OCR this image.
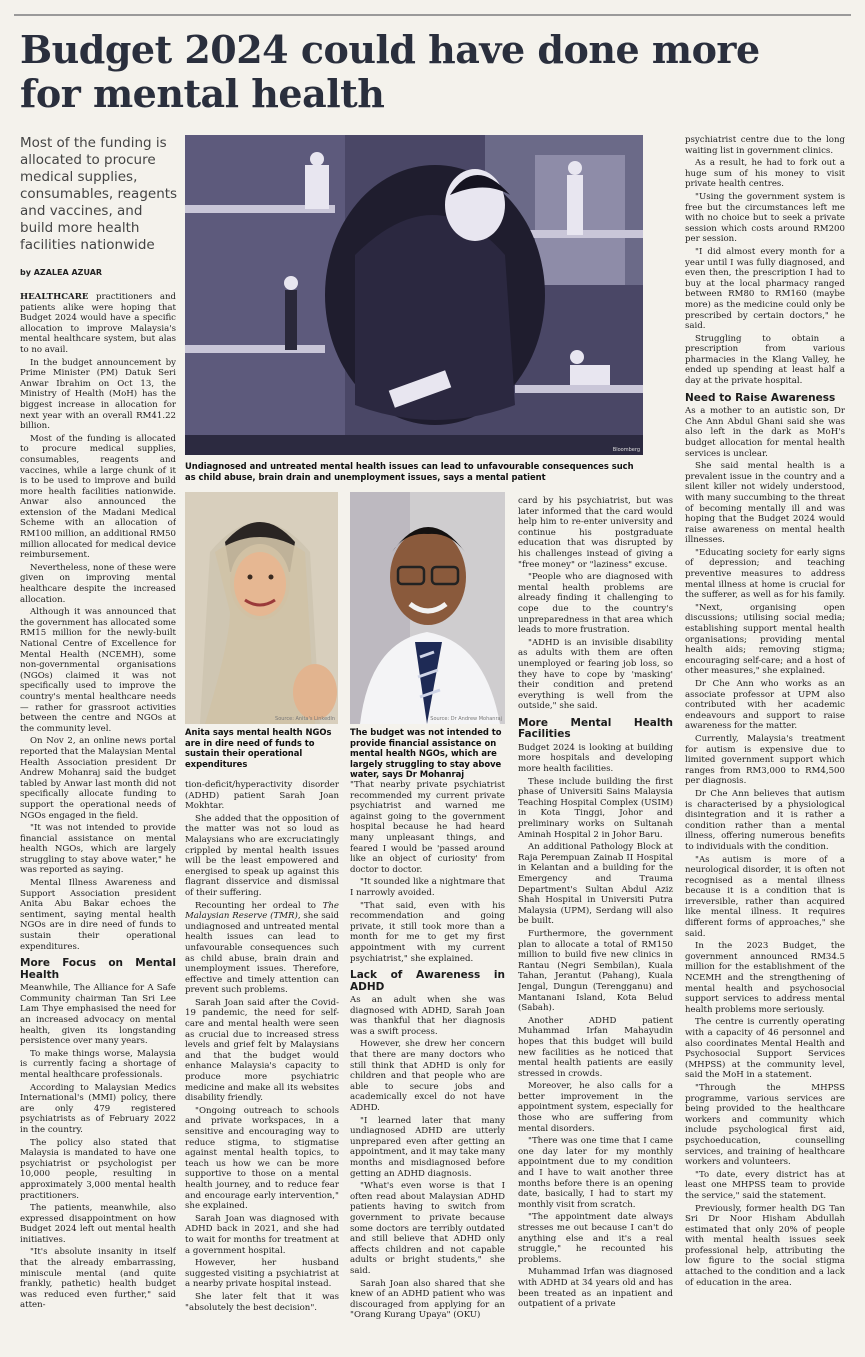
Budget 2024 could have done more
for mental health
Most of the funding is allocated to procure medical supplies, consumables, reagents and vaccines, and build more health facilities nationwide
by AZALEA AZUAR
Bloomberg
Undiagnosed and untreated mental health issues can lead to unfavourable consequences such as child abuse, brain drain and unemployment issues, says a mental patient
Source: Anita's LinkedIn
Anita says mental health NGOs are in dire need of funds to sustain their operational expenditures
Source: Dr Andrew Mohanraj
The budget was not intended to provide financial assistance on mental health NGOs, which are largely struggling to stay above water, says Dr Mohanraj

HEALTHCARE practitioners and patients alike were hoping that Budget 2024 would have a specific allocation to improve Malaysia's mental healthcare system, but alas to no avail.

In the budget announcement by Prime Minister (PM) Datuk Seri Anwar Ibrahim on Oct 13, the Ministry of Health (MoH) has the biggest increase in allocation for next year with an overall RM41.22 billion.

Most of the funding is allocated to procure medical supplies, consumables, reagents and vaccines, while a large chunk of it is to be used to improve and build more health facilities nationwide. Anwar also announced the extension of the Madani Medical Scheme with an allocation of RM100 million, an additional RM50 million allocated for medical device reimbursement.

Nevertheless, none of these were given on improving mental healthcare despite the increased allocation.

Although it was announced that the government has allocated some RM15 million for the newly-built National Centre of Excellence for Mental Health (NCEMH), some non-governmental organisations (NGOs) claimed it was not specifically used to improve the country's mental healthcare needs — rather for grassroot activities between the centre and NGOs at the community level.

On Nov 2, an online news portal reported that the Malaysian Mental Health Association president Dr Andrew Mohanraj said the budget tabled by Anwar last month did not specifically allocate funding to support the operational needs of NGOs engaged in the field.

"It was not intended to provide financial assistance on mental health NGOs, which are largely struggling to stay above water," he was reported as saying.

Mental Illness Awareness and Support Association president Anita Abu Bakar echoes the sentiment, saying mental health NGOs are in dire need of funds to sustain their operational expenditures.

More Focus on Mental Health

Meanwhile, The Alliance for A Safe Community chairman Tan Sri Lee Lam Thye emphasised the need for an increased advocacy on mental health, given its longstanding persistence over many years.

To make things worse, Malaysia is currently facing a shortage of mental healthcare professionals.

According to Malaysian Medics International's (MMI) policy, there are only 479 registered psychiatrists as of February 2022 in the country.

The policy also stated that Malaysia is mandated to have one psychiatrist or psychologist per 10,000 people, resulting in approximately 3,000 mental health practitioners.

The patients, meanwhile, also expressed disappointment on how Budget 2024 left out mental health initiatives.

"It's absolute insanity in itself that the already embarrassing, miniscule mental (and quite frankly, pathetic) health budget was reduced even further," said atten-

tion-deficit/hyperactivity disorder (ADHD) patient Sarah Joan Mokhtar.

She added that the opposition of the matter was not so loud as Malaysians who are excruciatingly crippled by mental health issues will be the least empowered and energised to speak up against this flagrant disservice and dismissal of their suffering.

Recounting her ordeal to The Malaysian Reserve (TMR), she said undiagnosed and untreated mental health issues can lead to unfavourable consequences such as child abuse, brain drain and unemployment issues. Therefore, effective and timely attention can prevent such problems.

Sarah Joan said after the Covid-19 pandemic, the need for self-care and mental health were seen as crucial due to increased stress levels and grief felt by Malaysians and that the budget would enhance Malaysia's capacity to produce more psychiatric medicine and make all its websites disability friendly.

"Ongoing outreach to schools and private workspaces, in a sensitive and encouraging way to reduce stigma, to stigmatise against mental health topics, to teach us how we can be more supportive to those on a mental health journey, and to reduce fear and encourage early intervention," she explained.

Sarah Joan was diagnosed with ADHD back in 2021, and she had to wait for months for treatment at a government hospital.

However, her husband suggested visiting a psychiatrist at a nearby private hospital instead.

She later felt that it was "absolutely the best decision".

"That nearby private psychiatrist recommended my current private psychiatrist and warned me against going to the government hospital because he had heard many unpleasant things, and feared I would be 'passed around like an object of curiosity' from doctor to doctor.

"It sounded like a nightmare that I narrowly avoided.

"That said, even with his recommendation and going private, it still took more than a month for me to get my first appointment with my current psychiatrist," she explained.

Lack of Awareness in ADHD

As an adult when she was diagnosed with ADHD, Sarah Joan was thankful that her diagnosis was a swift process.

However, she drew her concern that there are many doctors who still think that ADHD is only for children and that people who are able to secure jobs and academically excel do not have ADHD.

"I learned later that many undiagnosed ADHD are utterly unprepared even after getting an appointment, and it may take many months and misdiagnosed before getting an ADHD diagnosis.

"What's even worse is that I often read about Malaysian ADHD patients having to switch from government to private because some doctors are terribly outdated and still believe that ADHD only affects children and not capable adults or bright students," she said.

Sarah Joan also shared that she knew of an ADHD patient who was discouraged from applying for an "Orang Kurang Upaya" (OKU)

card by his psychiatrist, but was later informed that the card would help him to re-enter university and continue his postgraduate education that was disrupted by his challenges instead of giving a "free money" or "laziness" excuse.

"People who are diagnosed with mental health problems are already finding it challenging to cope due to the country's unpreparedness in that area which leads to more frustration.

"ADHD is an invisible disability as adults with them are often unemployed or fearing job loss, so they have to cope by 'masking' their condition and pretend everything is well from the outside," she said.

More Mental Health Facilities

Budget 2024 is looking at building more hospitals and developing more health facilities.

These include building the first phase of Universiti Sains Malaysia Teaching Hospital Complex (USIM) in Kota Tinggi, Johor and preliminary works on Sultanah Aminah Hospital 2 in Johor Baru.

An additional Pathology Block at Raja Perempuan Zainab II Hospital in Kelantan and a building for the Emergency and Trauma Department's Sultan Abdul Aziz Shah Hospital in Universiti Putra Malaysia (UPM), Serdang will also be built.

Furthermore, the government plan to allocate a total of RM150 million to build five new clinics in Rantau (Negri Sembilan), Kuala Tahan, Jerantut (Pahang), Kuala Jengal, Dungun (Terengganu) and Mantanani Island, Kota Belud (Sabah).

Another ADHD patient Muhammad Irfan Mahayudin hopes that this budget will build new facilities as he noticed that mental health patients are easily stressed in crowds.

Moreover, he also calls for a better improvement in the appointment system, especially for those who are suffering from mental disorders.

"There was one time that I came one day later for my monthly appointment due to my condition and I have to wait another three months before there is an opening date, basically, I had to start my monthly visit from scratch.

"The appointment date always stresses me out because I can't do anything else and it's a real struggle," he recounted his problems.

Muhammad Irfan was diagnosed with ADHD at 34 years old and has been treated as an inpatient and outpatient of a private

psychiatrist centre due to the long waiting list in government clinics.

As a result, he had to fork out a huge sum of his money to visit private health centres.

"Using the government system is free but the circumstances left me with no choice but to seek a private session which costs around RM200 per session.

"I did almost every month for a year until I was fully diagnosed, and even then, the prescription I had to buy at the local pharmacy ranged between RM80 to RM160 (maybe more) as the medicine could only be prescribed by certain doctors," he said.

Struggling to obtain a prescription from various pharmacies in the Klang Valley, he ended up spending at least half a day at the private hospital.

Need to Raise Awareness

As a mother to an autistic son, Dr Che Ann Abdul Ghani said she was also left in the dark as MoH's budget allocation for mental health services is unclear.

She said mental health is a prevalent issue in the country and a silent killer not widely understood, with many succumbing to the threat of becoming mentally ill and was hoping that the Budget 2024 would raise awareness on mental health illnesses.

"Educating society for early signs of depression; and teaching preventive measures to address mental illness at home is crucial for the sufferer, as well as for his family.

"Next, organising open discussions; utilising social media; establishing support mental health organisations; providing mental health aids; removing stigma; encouraging self-care; and a host of other measures," she explained.

Dr Che Ann who works as an associate professor at UPM also contributed with her academic endeavours and support to raise awareness for the matter.

Currently, Malaysia's treatment for autism is expensive due to limited government support which ranges from RM3,000 to RM4,500 per diagnosis.

Dr Che Ann believes that autism is characterised by a physiological disintegration and it is rather a condition rather than a mental illness, offering numerous benefits to individuals with the condition.

"As autism is more of a neurological disorder, it is often not recognised as a mental illness because it is a condition that is irreversible, rather than acquired like mental illness. It requires different forms of approaches," she said.

In the 2023 Budget, the government announced RM34.5 million for the establishment of the NCEMH and the strengthening of mental health and psychosocial support services to address mental health problems more seriously.

The centre is currently operating with a capacity of 46 personnel and also coordinates Mental Health and Psychosocial Support Services (MHPSS) at the community level, said the MoH in a statement.

"Through the MHPSS programme, various services are being provided to the healthcare workers and community which include psychological first aid, psychoeducation, counselling services, and training of healthcare workers and volunteers.

"To date, every district has at least one MHPSS team to provide the service," said the statement.

Previously, former health DG Tan Sri Dr Noor Hisham Abdullah estimated that only 20% of people with mental health issues seek professional help, attributing the low figure to the social stigma attached to the condition and a lack of education in the area.
